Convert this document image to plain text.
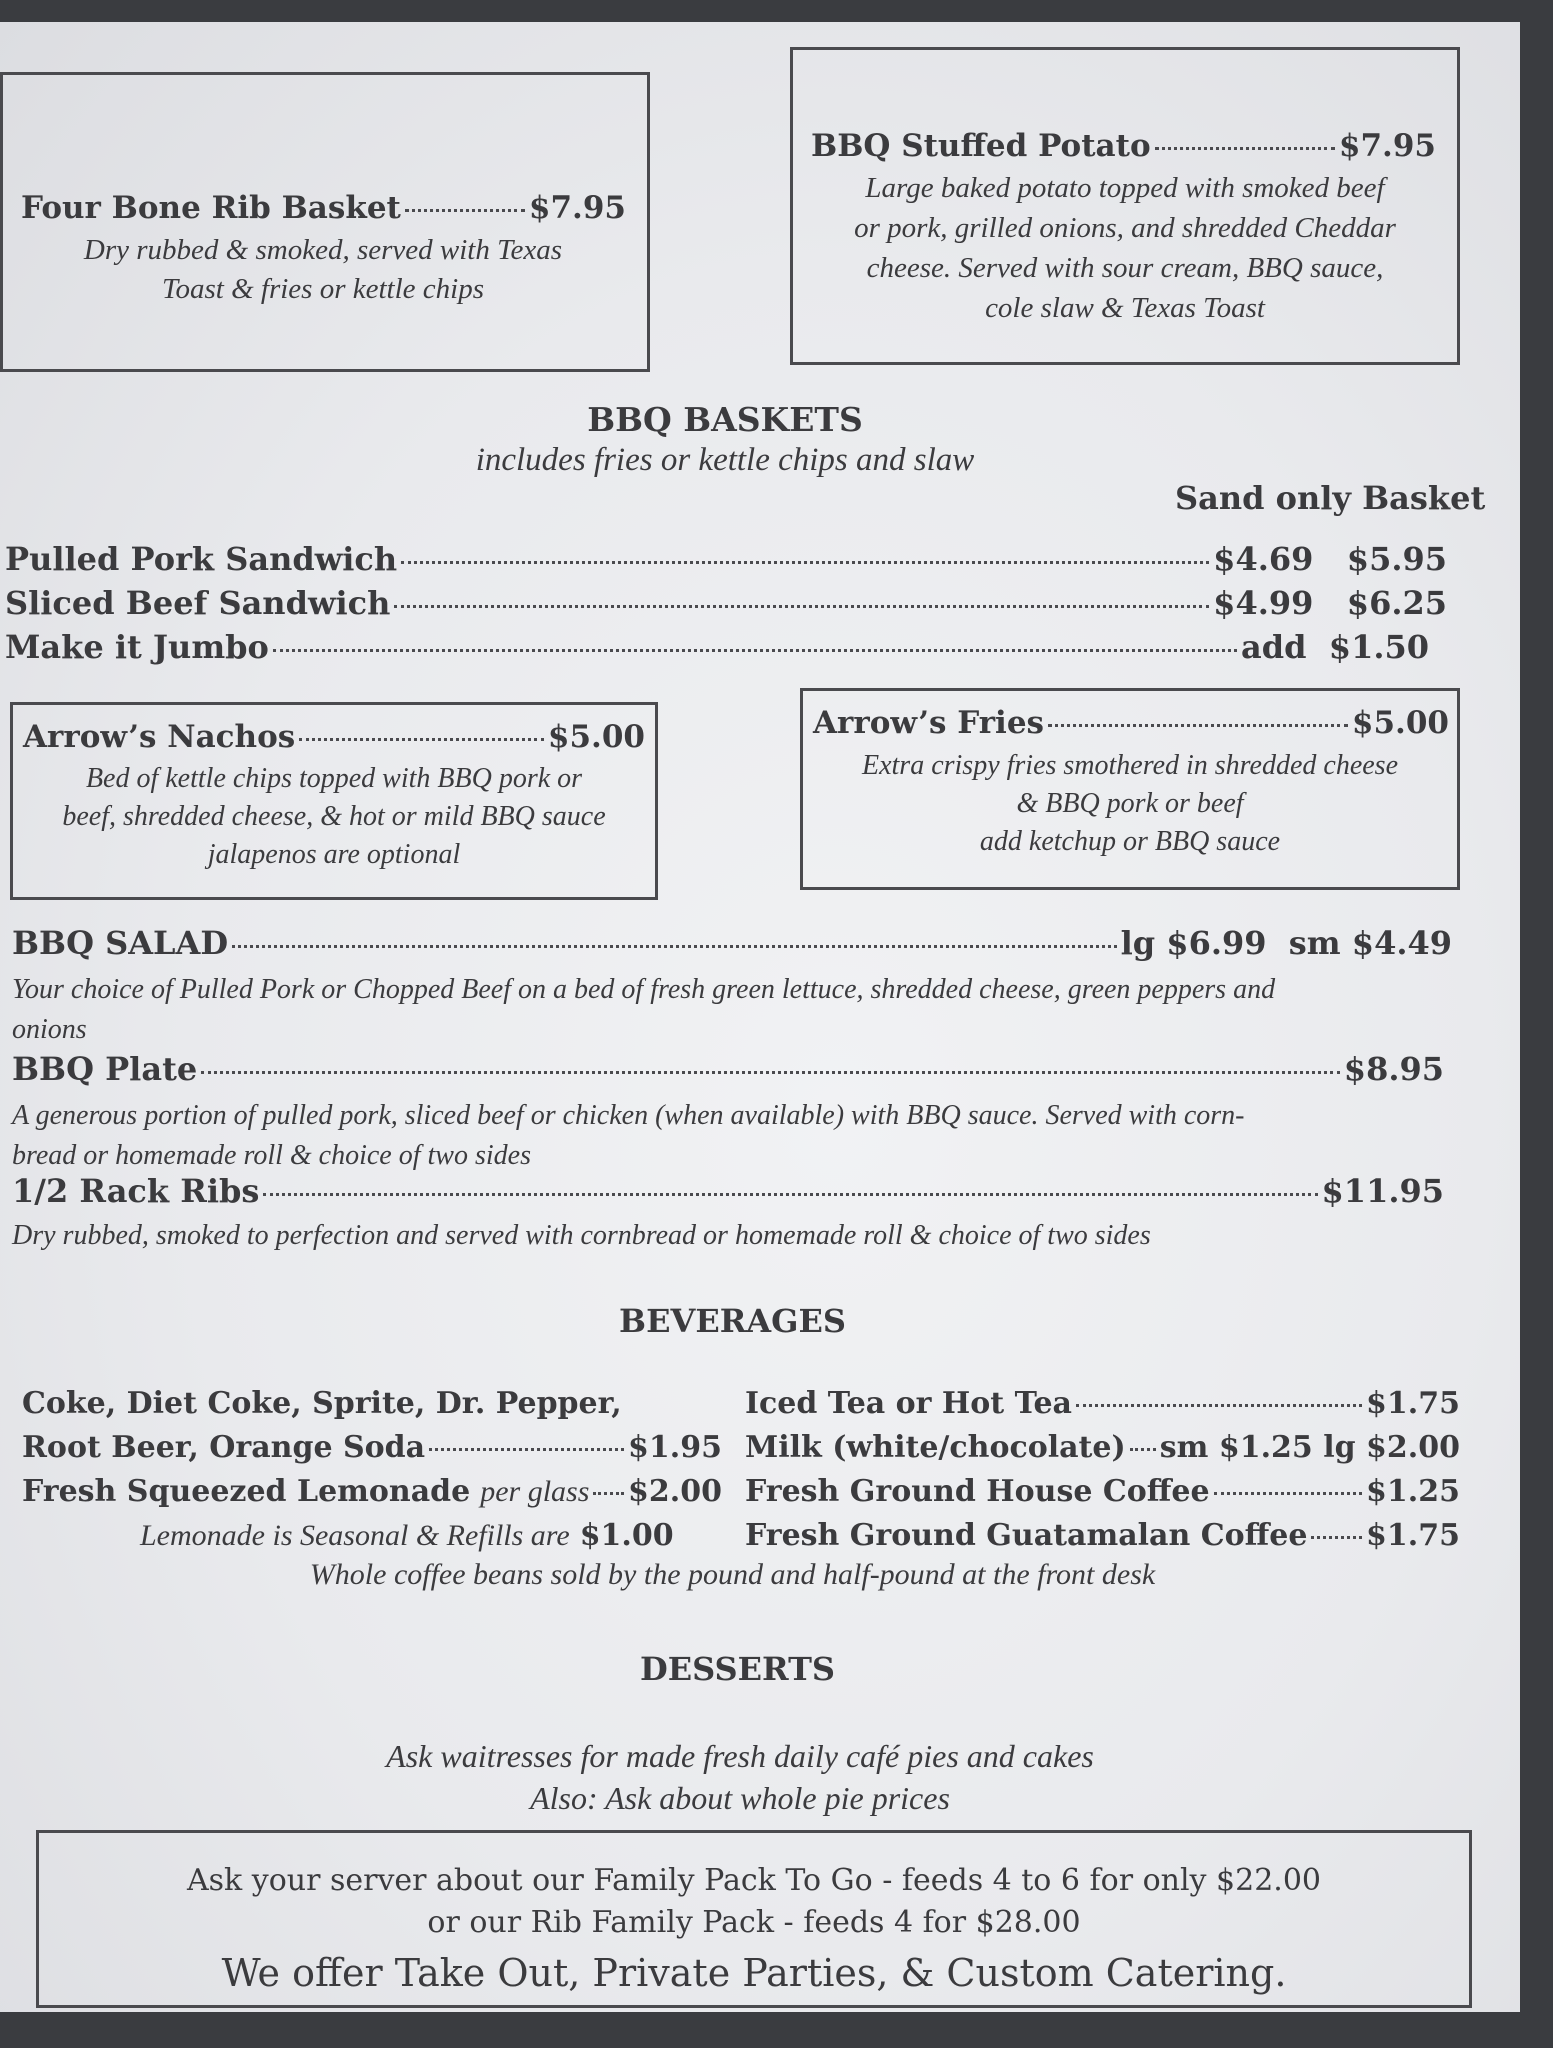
Four Bone Rib Basket	$7.95
Dry rubbed & smoked, served with Texas
Toast & fries or kettle chips
BBQ Stuffed Potato	$7.95
Large baked potato topped with smoked beef
or pork, grilled onions, and shredded Cheddar
cheese. Served with sour cream, BBQ sauce,
cole slaw & Texas Toast
BBQ BASKETS
includes fries or kettle chips and slaw
Sand only Basket
Pulled Pork Sandwich	$4.69   $5.95
Sliced Beef Sandwich	$4.99   $6.25
Make it Jumbo	add  $1.50
Arrow’s Nachos	$5.00
Bed of kettle chips topped with BBQ pork or
beef, shredded cheese, & hot or mild BBQ sauce
jalapenos are optional
Arrow’s Fries	$5.00
Extra crispy fries smothered in shredded cheese
& BBQ pork or beef
add ketchup or BBQ sauce
BBQ SALAD	lg $6.99  sm $4.49
Your choice of Pulled Pork or Chopped Beef on a bed of fresh green lettuce, shredded cheese, green peppers and
onions
BBQ Plate	$8.95
A generous portion of pulled pork, sliced beef or chicken (when available) with BBQ sauce. Served with corn-
bread or homemade roll & choice of two sides
1/2 Rack Ribs	$11.95
Dry rubbed, smoked to perfection and served with cornbread or homemade roll & choice of two sides
BEVERAGES
Coke, Diet Coke, Sprite, Dr. Pepper,
Root Beer, Orange Soda	$1.95
Fresh Squeezed Lemonade per glass $2.00
Lemonade is Seasonal & Refills are $1.00
Iced Tea or Hot Tea	$1.75
Milk (white/chocolate) sm $1.25 lg $2.00
Fresh Ground House Coffee	$1.25
Fresh Ground Guatamalan Coffee $1.75
Whole coffee beans sold by the pound and half-pound at the front desk
DESSERTS
Ask waitresses for made fresh daily café pies and cakes
Also: Ask about whole pie prices
Ask your server about our Family Pack To Go - feeds 4 to 6 for only $22.00
or our Rib Family Pack - feeds 4 for $28.00
We offer Take Out, Private Parties, & Custom Catering.
